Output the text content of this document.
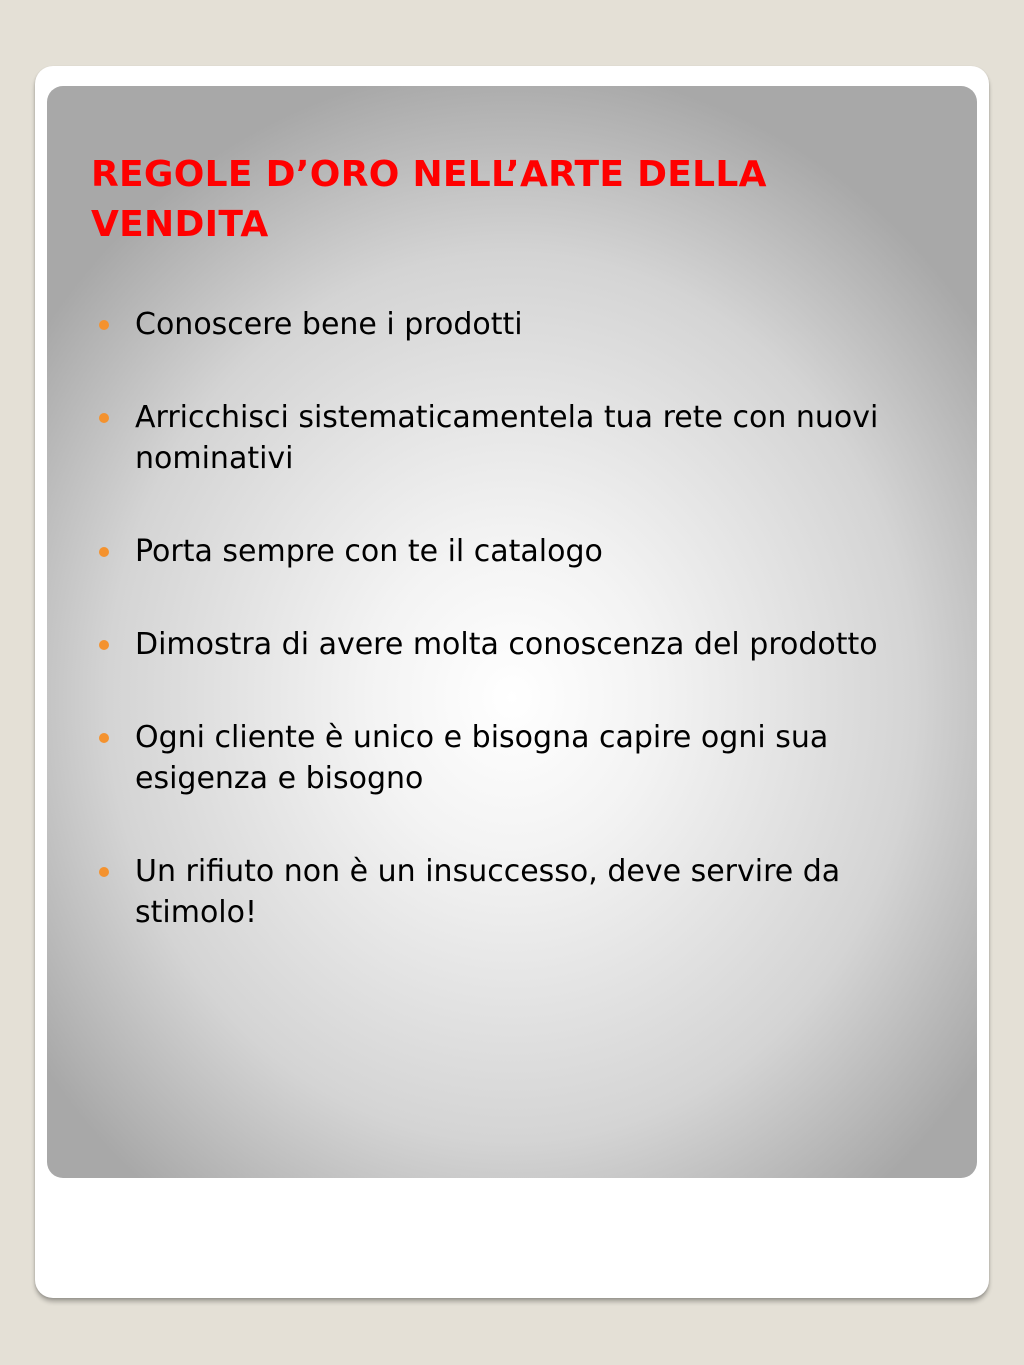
REGOLE D’ORO NELL’ARTE DELLA VENDITA
Conoscere bene i prodotti
Arricchisci sistematicamentela tua rete con nuovi nominativi
Porta sempre con te il catalogo
Dimostra di avere molta conoscenza del prodotto
Ogni cliente è unico e bisogna capire ogni sua esigenza e bisogno
Un rifiuto non è un insuccesso, deve servire da stimolo!
